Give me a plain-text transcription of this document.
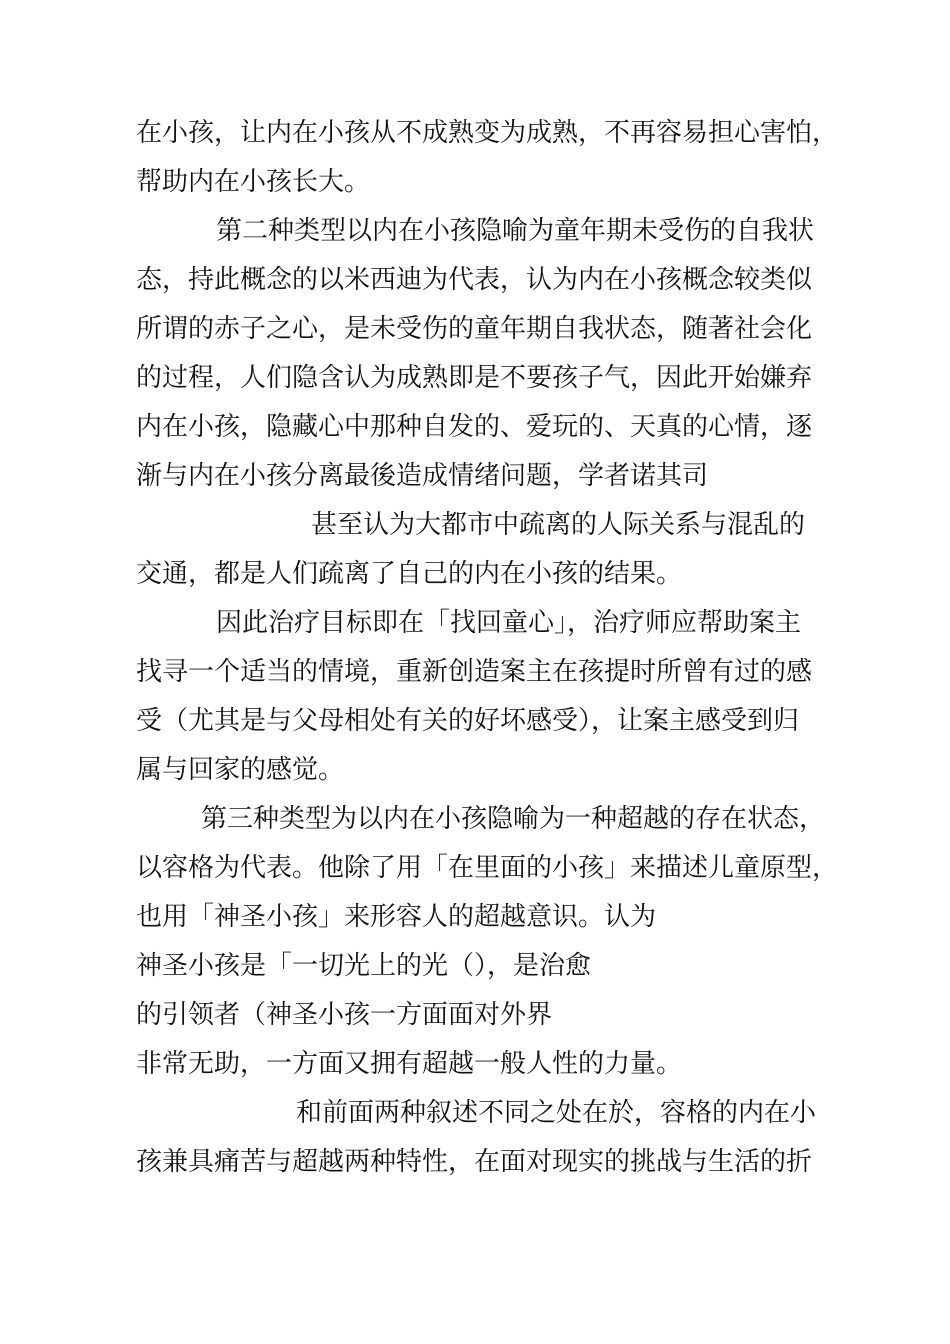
在小孩，让内在小孩从不成熟变为成熟，不再容易担心害怕，

帮助内在小孩长大。

第二种类型以内在小孩隐喻为童年期未受伤的自我状

态，持此概念的以米西迪为代表，认为内在小孩概念较类似

所谓的赤子之心，是未受伤的童年期自我状态，随著社会化

的过程，人们隐含认为成熟即是不要孩子气，因此开始嫌弃

内在小孩，隐藏心中那种自发的、爱玩的、天真的心情，逐

渐与内在小孩分离最後造成情绪问题，学者诺其司

甚至认为大都市中疏离的人际关系与混乱的

交通，都是人们疏离了自己的内在小孩的结果。

因此治疗目标即在「找回童心」，治疗师应帮助案主

找寻一个适当的情境，重新创造案主在孩提时所曾有过的感

受（尤其是与父母相处有关的好坏感受），让案主感受到归

属与回家的感觉。

第三种类型为以内在小孩隐喻为一种超越的存在状态，

以容格为代表。他除了用「在里面的小孩」来描述儿童原型，

也用「神圣小孩」来形容人的超越意识。认为

神圣小孩是「一切光上的光（），是治愈

的引领者（神圣小孩一方面面对外界

非常无助，一方面又拥有超越一般人性的力量。

和前面两种叙述不同之处在於，容格的内在小

孩兼具痛苦与超越两种特性，在面对现实的挑战与生活的折
